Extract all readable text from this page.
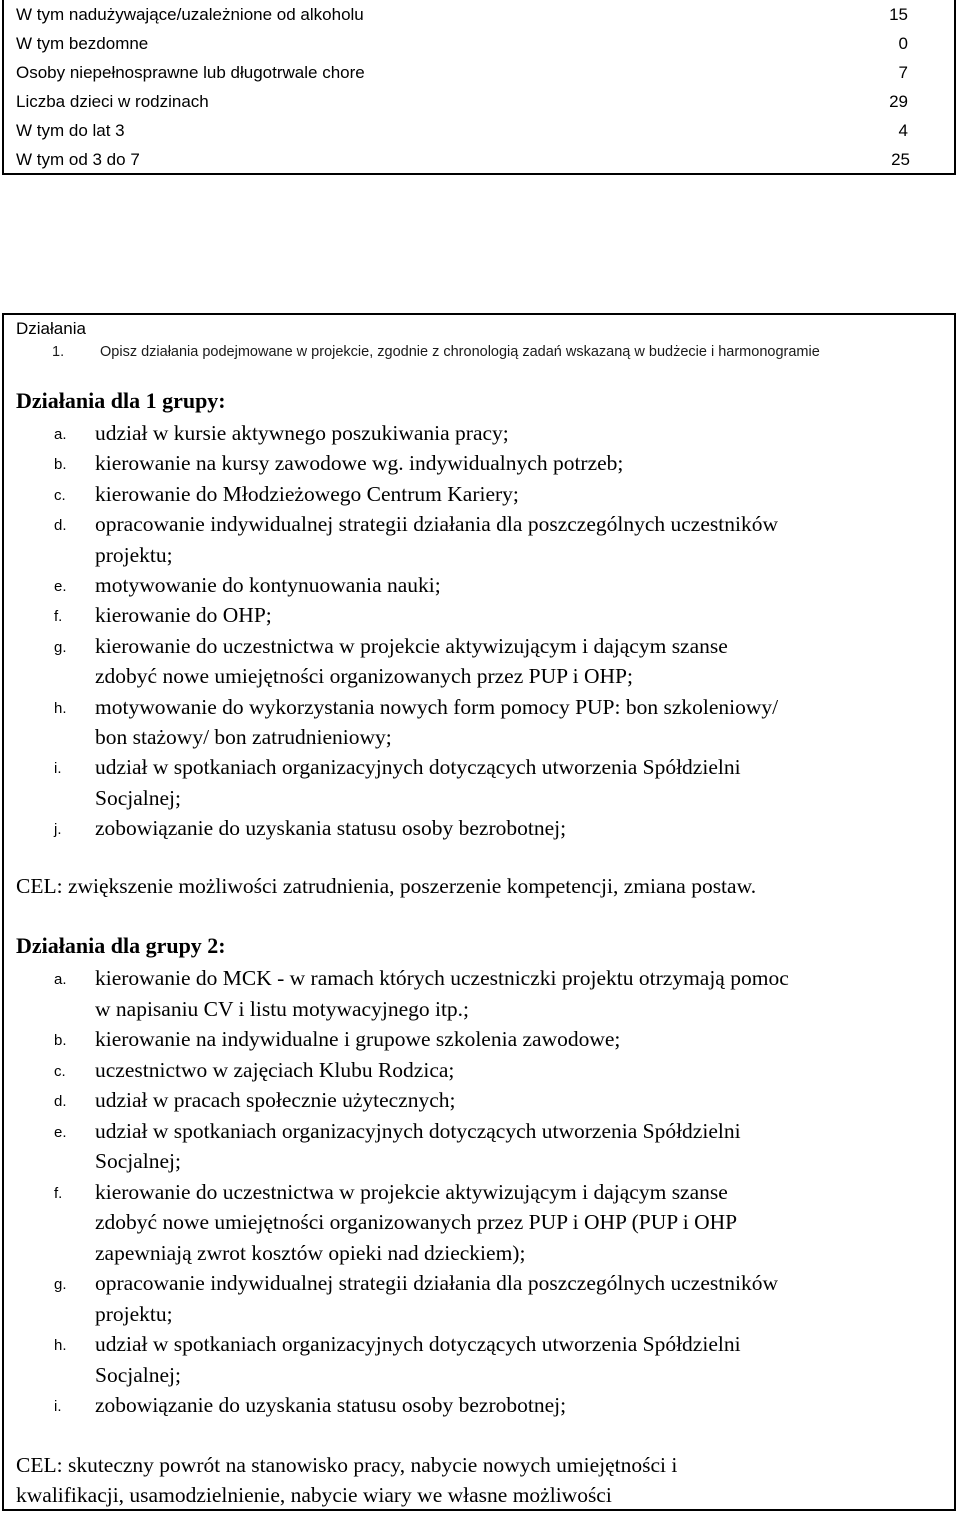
W tym nadużywające/uzależnione od alkoholu	15
W tym bezdomne	0
Osoby niepełnosprawne lub długotrwale chore	7
Liczba dzieci w rodzinach	29
W tym do lat 3	4
W tym od 3 do 7	25
Działania
1. Opisz działania podejmowane w projekcie, zgodnie z chronologią zadań wskazaną w budżecie i harmonogramie
Działania dla 1 grupy:
CEL: zwiększenie możliwości zatrudnienia, poszerzenie kompetencji, zmiana postaw.
Działania dla grupy 2:
CEL: skuteczny powrót na stanowisko pracy, nabycie nowych umiejętności i
kwalifikacji, usamodzielnienie, nabycie wiary we własne możliwości
a. udział w kursie aktywnego poszukiwania pracy;
b. kierowanie na kursy zawodowe wg. indywidualnych potrzeb;
c. kierowanie do Młodzieżowego Centrum Kariery;
d. opracowanie indywidualnej strategii działania dla poszczególnych uczestników
projektu;
e. motywowanie do kontynuowania nauki;
f. kierowanie do OHP;
g. kierowanie do uczestnictwa w projekcie aktywizującym i dającym szanse
zdobyć nowe umiejętności organizowanych przez PUP i OHP;
h. motywowanie do wykorzystania nowych form pomocy PUP: bon szkoleniowy/
bon stażowy/ bon zatrudnieniowy;
i. udział w spotkaniach organizacyjnych dotyczących utworzenia Spółdzielni
Socjalnej;
j. zobowiązanie do uzyskania statusu osoby bezrobotnej;
a. kierowanie do MCK - w ramach których uczestniczki projektu otrzymają pomoc
w napisaniu CV i listu motywacyjnego itp.;
b. kierowanie na indywidualne i grupowe szkolenia zawodowe;
c. uczestnictwo w zajęciach Klubu Rodzica;
d. udział w pracach społecznie użytecznych;
e. udział w spotkaniach organizacyjnych dotyczących utworzenia Spółdzielni
Socjalnej;
f. kierowanie do uczestnictwa w projekcie aktywizującym i dającym szanse
zdobyć nowe umiejętności organizowanych przez PUP i OHP (PUP i OHP
zapewniają zwrot kosztów opieki nad dzieckiem);
g. opracowanie indywidualnej strategii działania dla poszczególnych uczestników
projektu;
h. udział w spotkaniach organizacyjnych dotyczących utworzenia Spółdzielni
Socjalnej;
i. zobowiązanie do uzyskania statusu osoby bezrobotnej;
